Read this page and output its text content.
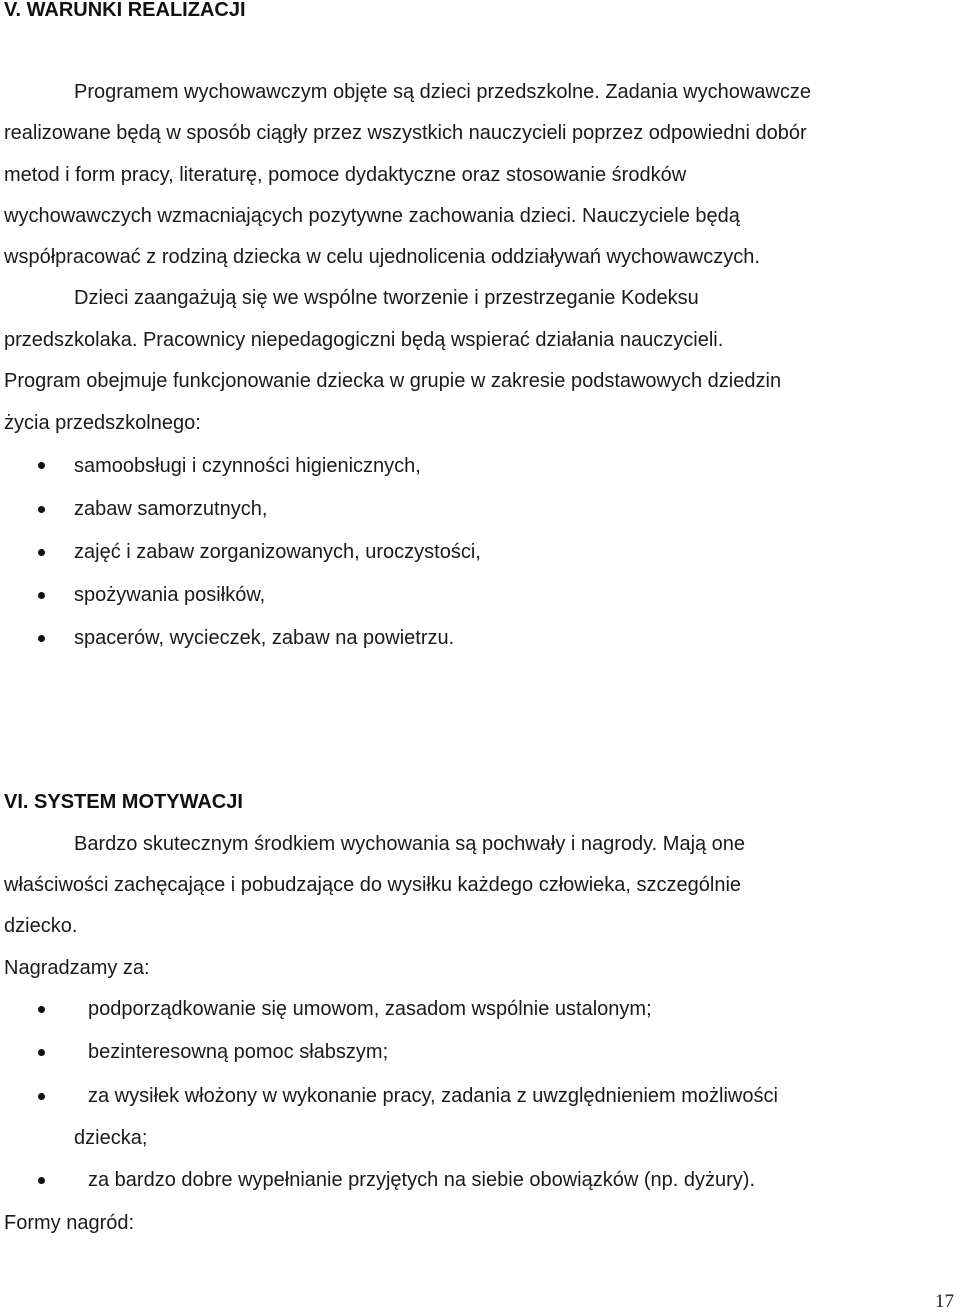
V. WARUNKI REALIZACJI
Programem wychowawczym objęte są dzieci przedszkolne. Zadania wychowawcze
realizowane będą w sposób ciągły przez wszystkich nauczycieli poprzez odpowiedni dobór
metod i form pracy, literaturę, pomoce dydaktyczne oraz stosowanie środków
wychowawczych wzmacniających pozytywne zachowania dzieci. Nauczyciele będą
współpracować z rodziną dziecka w celu ujednolicenia oddziaływań wychowawczych.
Dzieci zaangażują się we wspólne tworzenie i przestrzeganie Kodeksu
przedszkolaka. Pracownicy niepedagogiczni będą wspierać działania nauczycieli.
Program obejmuje funkcjonowanie dziecka w grupie w zakresie podstawowych dziedzin
życia przedszkolnego:
samoobsługi i czynności higienicznych,
zabaw samorzutnych,
zajęć i zabaw zorganizowanych, uroczystości,
spożywania posiłków,
spacerów, wycieczek, zabaw na powietrzu.
VI. SYSTEM MOTYWACJI
Bardzo skutecznym środkiem wychowania są pochwały i nagrody. Mają one
właściwości zachęcające i pobudzające do wysiłku każdego człowieka, szczególnie
dziecko.
Nagradzamy za:
podporządkowanie się umowom, zasadom wspólnie ustalonym;
bezinteresowną pomoc słabszym;
za wysiłek włożony w wykonanie pracy, zadania z uwzględnieniem możliwości
dziecka;
za bardzo dobre wypełnianie przyjętych na siebie obowiązków (np. dyżury).
Formy nagród:
17
